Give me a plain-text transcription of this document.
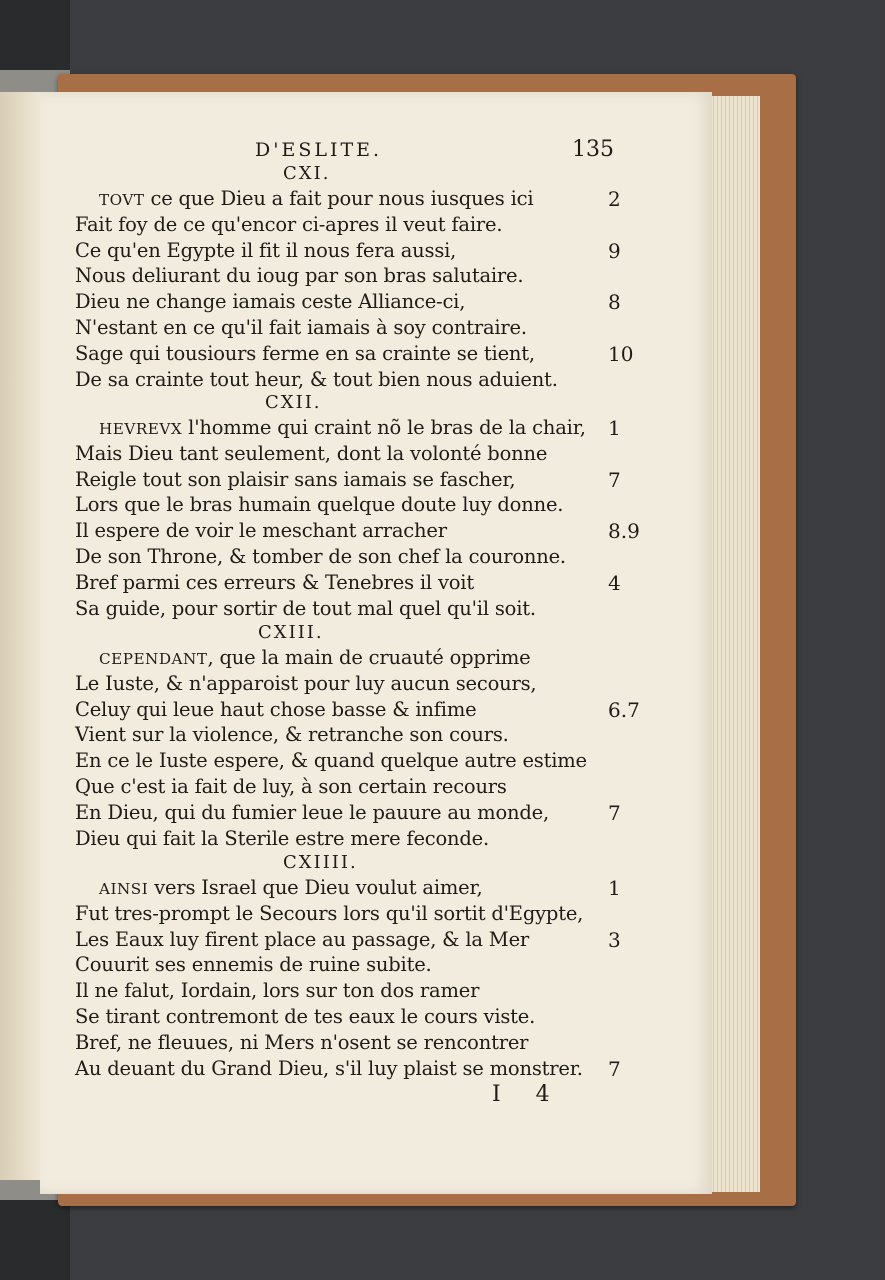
D'ESLITE.	135
CXI.
TOVT ce que Dieu a fait pour nous iusques ici	2
Fait foy de ce qu'encor ci-apres il veut faire.
Ce qu'en Egypte il fit il nous fera aussi,	9
Nous deliurant du ioug par son bras salutaire.
Dieu ne change iamais ceste Alliance-ci,	8
N'estant en ce qu'il fait iamais à soy contraire.
Sage qui tousiours ferme en sa crainte se tient,	10
De sa crainte tout heur, & tout bien nous aduient.
CXII.
HEVREVX l'homme qui craint nõ le bras de la chair, 1
Mais Dieu tant seulement, dont la volonté bonne
Reigle tout son plaisir sans iamais se fascher,	7
Lors que le bras humain quelque doute luy donne.
Il espere de voir le meschant arracher	8.9
De son Throne, & tomber de son chef la couronne.
Bref parmi ces erreurs & Tenebres il voit	4
Sa guide, pour sortir de tout mal quel qu'il soit.
CXIII.
CEPENDANT, que la main de cruauté opprime
Le Iuste, & n'apparoist pour luy aucun secours,
Celuy qui leue haut chose basse & infime	6.7
Vient sur la violence, & retranche son cours.
En ce le Iuste espere, & quand quelque autre estime
Que c'est ia fait de luy, à son certain recours
En Dieu, qui du fumier leue le pauure au monde,	7
Dieu qui fait la Sterile estre mere feconde.
CXIIII.
AINSI vers Israel que Dieu voulut aimer,	1
Fut tres-prompt le Secours lors qu'il sortit d'Egypte,
Les Eaux luy firent place au passage, & la Mer	3
Couurit ses ennemis de ruine subite.
Il ne falut, Iordain, lors sur ton dos ramer
Se tirant contremont de tes eaux le cours viste.
Bref, ne fleuues, ni Mers n'osent se rencontrer
Au deuant du Grand Dieu, s'il luy plaist se monstrer. 7
I 4
